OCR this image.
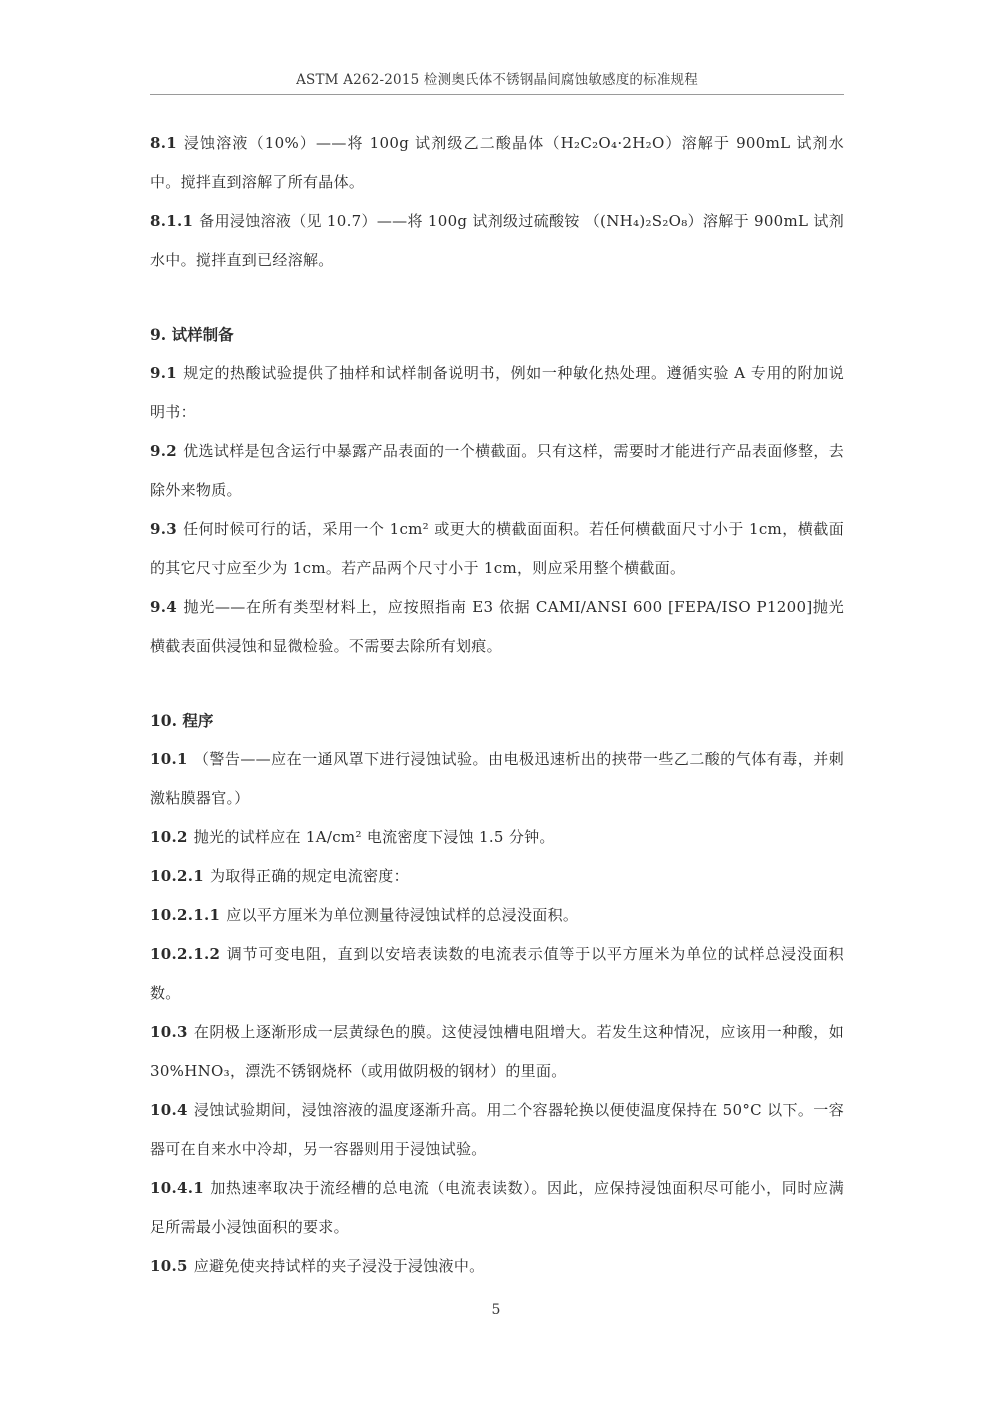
ASTM A262-2015 检测奥氏体不锈钢晶间腐蚀敏感度的标准规程

8.1 浸蚀溶液（10%）——将 100g 试剂级乙二酸晶体（H₂C₂O₄·2H₂O）溶解于 900mL 试剂水中。搅拌直到溶解了所有晶体。

8.1.1 备用浸蚀溶液（见 10.7）——将 100g 试剂级过硫酸铵 （(NH₄)₂S₂O₈）溶解于 900mL 试剂水中。搅拌直到已经溶解。

9. 试样制备

9.1 规定的热酸试验提供了抽样和试样制备说明书，例如一种敏化热处理。遵循实验 A 专用的附加说明书：

9.2 优选试样是包含运行中暴露产品表面的一个横截面。只有这样，需要时才能进行产品表面修整，去除外来物质。

9.3 任何时候可行的话，采用一个 1cm² 或更大的横截面面积。若任何横截面尺寸小于 1cm，横截面的其它尺寸应至少为 1cm。若产品两个尺寸小于 1cm，则应采用整个横截面。

9.4 抛光——在所有类型材料上，应按照指南 E3 依据 CAMI/ANSI 600 [FEPA/ISO P1200]抛光横截表面供浸蚀和显微检验。不需要去除所有划痕。

10. 程序

10.1 （警告——应在一通风罩下进行浸蚀试验。由电极迅速析出的挟带一些乙二酸的气体有毒，并刺激粘膜器官。）

10.2 抛光的试样应在 1A/cm² 电流密度下浸蚀 1.5 分钟。

10.2.1 为取得正确的规定电流密度：

10.2.1.1 应以平方厘米为单位测量待浸蚀试样的总浸没面积。

10.2.1.2 调节可变电阻，直到以安培表读数的电流表示值等于以平方厘米为单位的试样总浸没面积数。

10.3 在阴极上逐渐形成一层黄绿色的膜。这使浸蚀槽电阻增大。若发生这种情况，应该用一种酸，如 30%HNO₃，漂洗不锈钢烧杯（或用做阴极的钢材）的里面。

10.4 浸蚀试验期间，浸蚀溶液的温度逐渐升高。用二个容器轮换以便使温度保持在 50°C 以下。一容器可在自来水中冷却，另一容器则用于浸蚀试验。

10.4.1 加热速率取决于流经槽的总电流（电流表读数）。因此，应保持浸蚀面积尽可能小，同时应满足所需最小浸蚀面积的要求。

10.5 应避免使夹持试样的夹子浸没于浸蚀液中。

5
